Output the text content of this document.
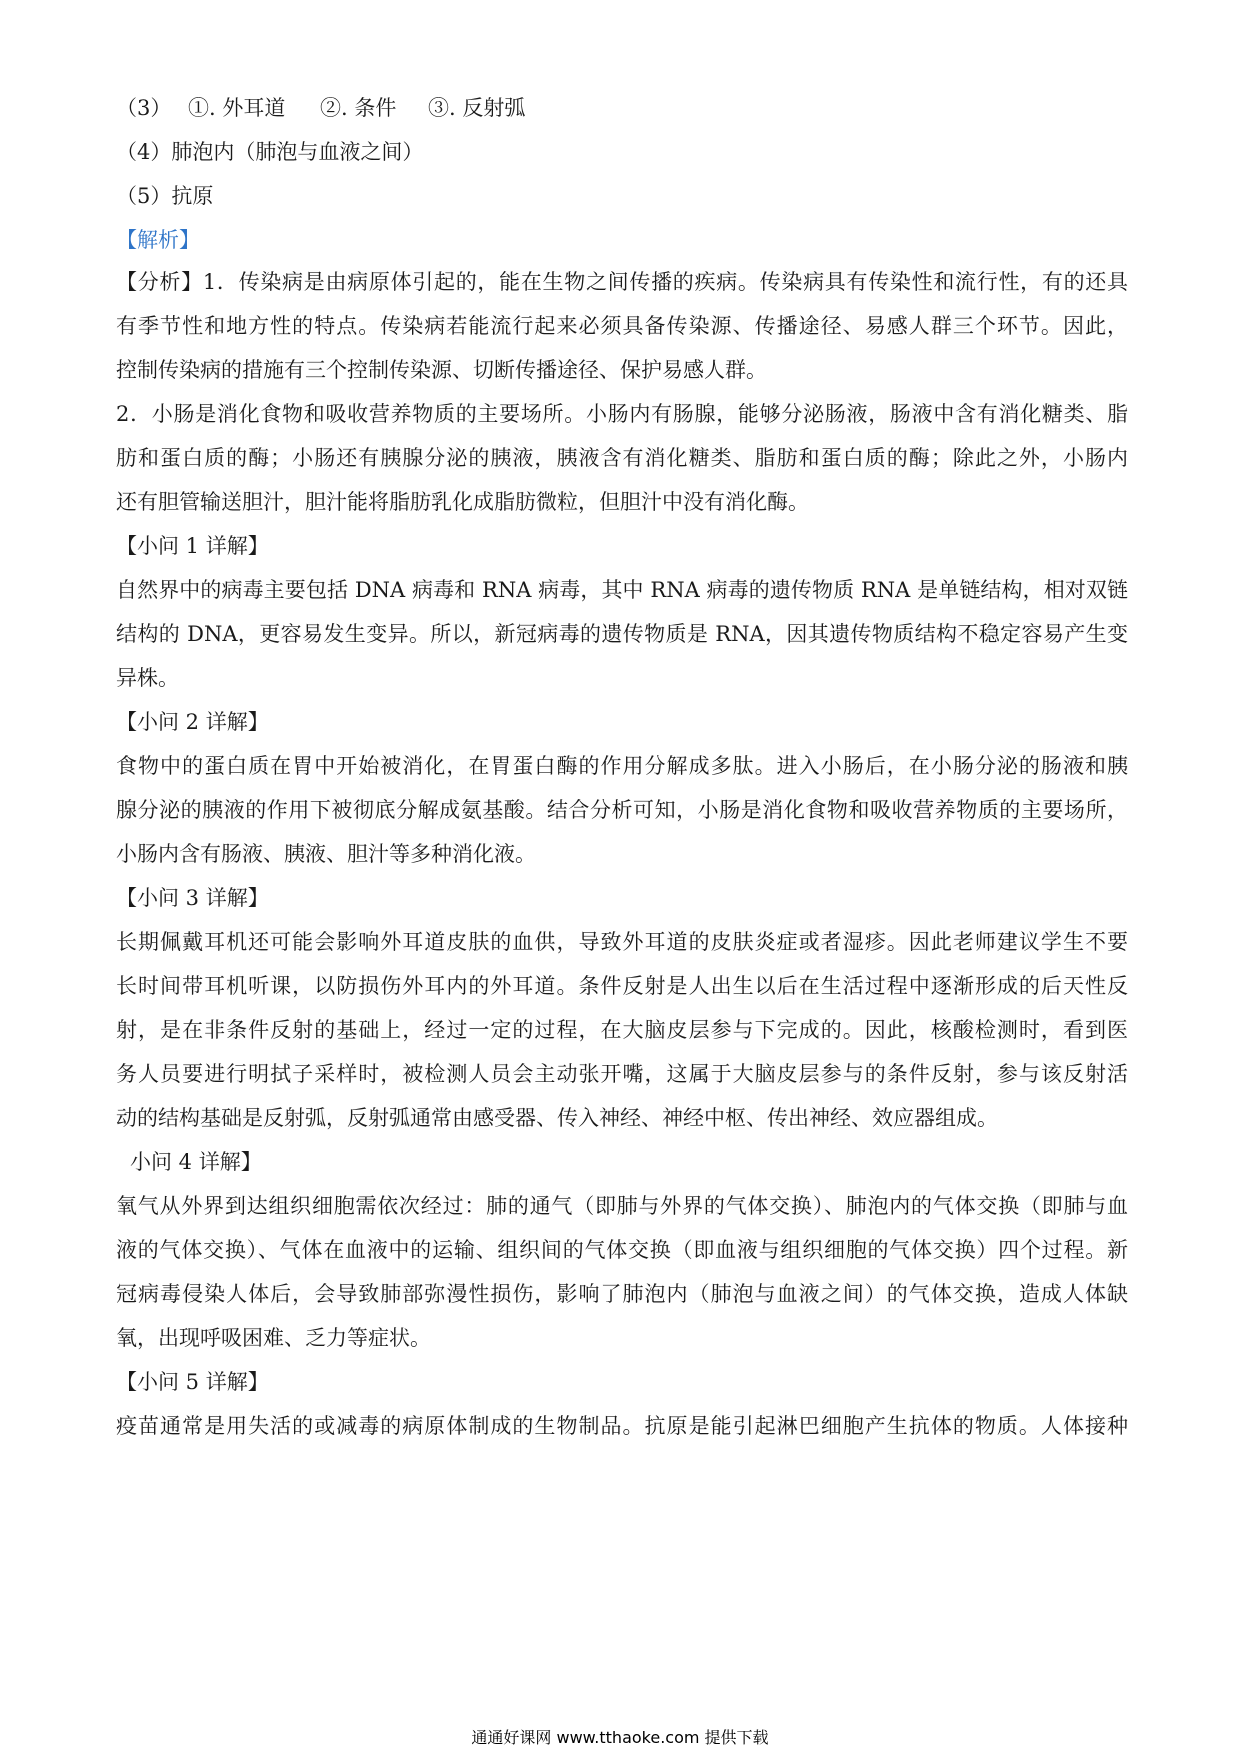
（3） ①. 外耳道 ②. 条件 ③. 反射弧
（4）肺泡内（肺泡与血液之间）
（5）抗原
【解析】
【分析】1．传染病是由病原体引起的，能在生物之间传播的疾病。传染病具有传染性和流行性，有的还具
有季节性和地方性的特点。传染病若能流行起来必须具备传染源、传播途径、易感人群三个环节。因此，
控制传染病的措施有三个控制传染源、切断传播途径、保护易感人群。
2．小肠是消化食物和吸收营养物质的主要场所。小肠内有肠腺，能够分泌肠液，肠液中含有消化糖类、脂
肪和蛋白质的酶；小肠还有胰腺分泌的胰液，胰液含有消化糖类、脂肪和蛋白质的酶；除此之外，小肠内
还有胆管输送胆汁，胆汁能将脂肪乳化成脂肪微粒，但胆汁中没有消化酶。
【小问 1 详解】
自然界中的病毒主要包括 DNA 病毒和 RNA 病毒，其中 RNA 病毒的遗传物质 RNA 是单链结构，相对双链
结构的 DNA，更容易发生变异。所以，新冠病毒的遗传物质是 RNA，因其遗传物质结构不稳定容易产生变
异株。
【小问 2 详解】
食物中的蛋白质在胃中开始被消化，在胃蛋白酶的作用分解成多肽。进入小肠后，在小肠分泌的肠液和胰
腺分泌的胰液的作用下被彻底分解成氨基酸。结合分析可知，小肠是消化食物和吸收营养物质的主要场所，
小肠内含有肠液、胰液、胆汁等多种消化液。
【小问 3 详解】
长期佩戴耳机还可能会影响外耳道皮肤的血供，导致外耳道的皮肤炎症或者湿疹。因此老师建议学生不要
长时间带耳机听课，以防损伤外耳内的外耳道。条件反射是人出生以后在生活过程中逐渐形成的后天性反
射，是在非条件反射的基础上，经过一定的过程，在大脑皮层参与下完成的。因此，核酸检测时，看到医
务人员要进行明拭子采样时，被检测人员会主动张开嘴，这属于大脑皮层参与的条件反射，参与该反射活
动的结构基础是反射弧，反射弧通常由感受器、传入神经、神经中枢、传出神经、效应器组成。
小问 4 详解】
氧气从外界到达组织细胞需依次经过：肺的通气（即肺与外界的气体交换）、肺泡内的气体交换（即肺与血
液的气体交换）、气体在血液中的运输、组织间的气体交换（即血液与组织细胞的气体交换）四个过程。新
冠病毒侵染人体后，会导致肺部弥漫性损伤，影响了肺泡内（肺泡与血液之间）的气体交换，造成人体缺
氧，出现呼吸困难、乏力等症状。
【小问 5 详解】
疫苗通常是用失活的或减毒的病原体制成的生物制品。抗原是能引起淋巴细胞产生抗体的物质。人体接种
通通好课网 www.tthaoke.com 提供下载
